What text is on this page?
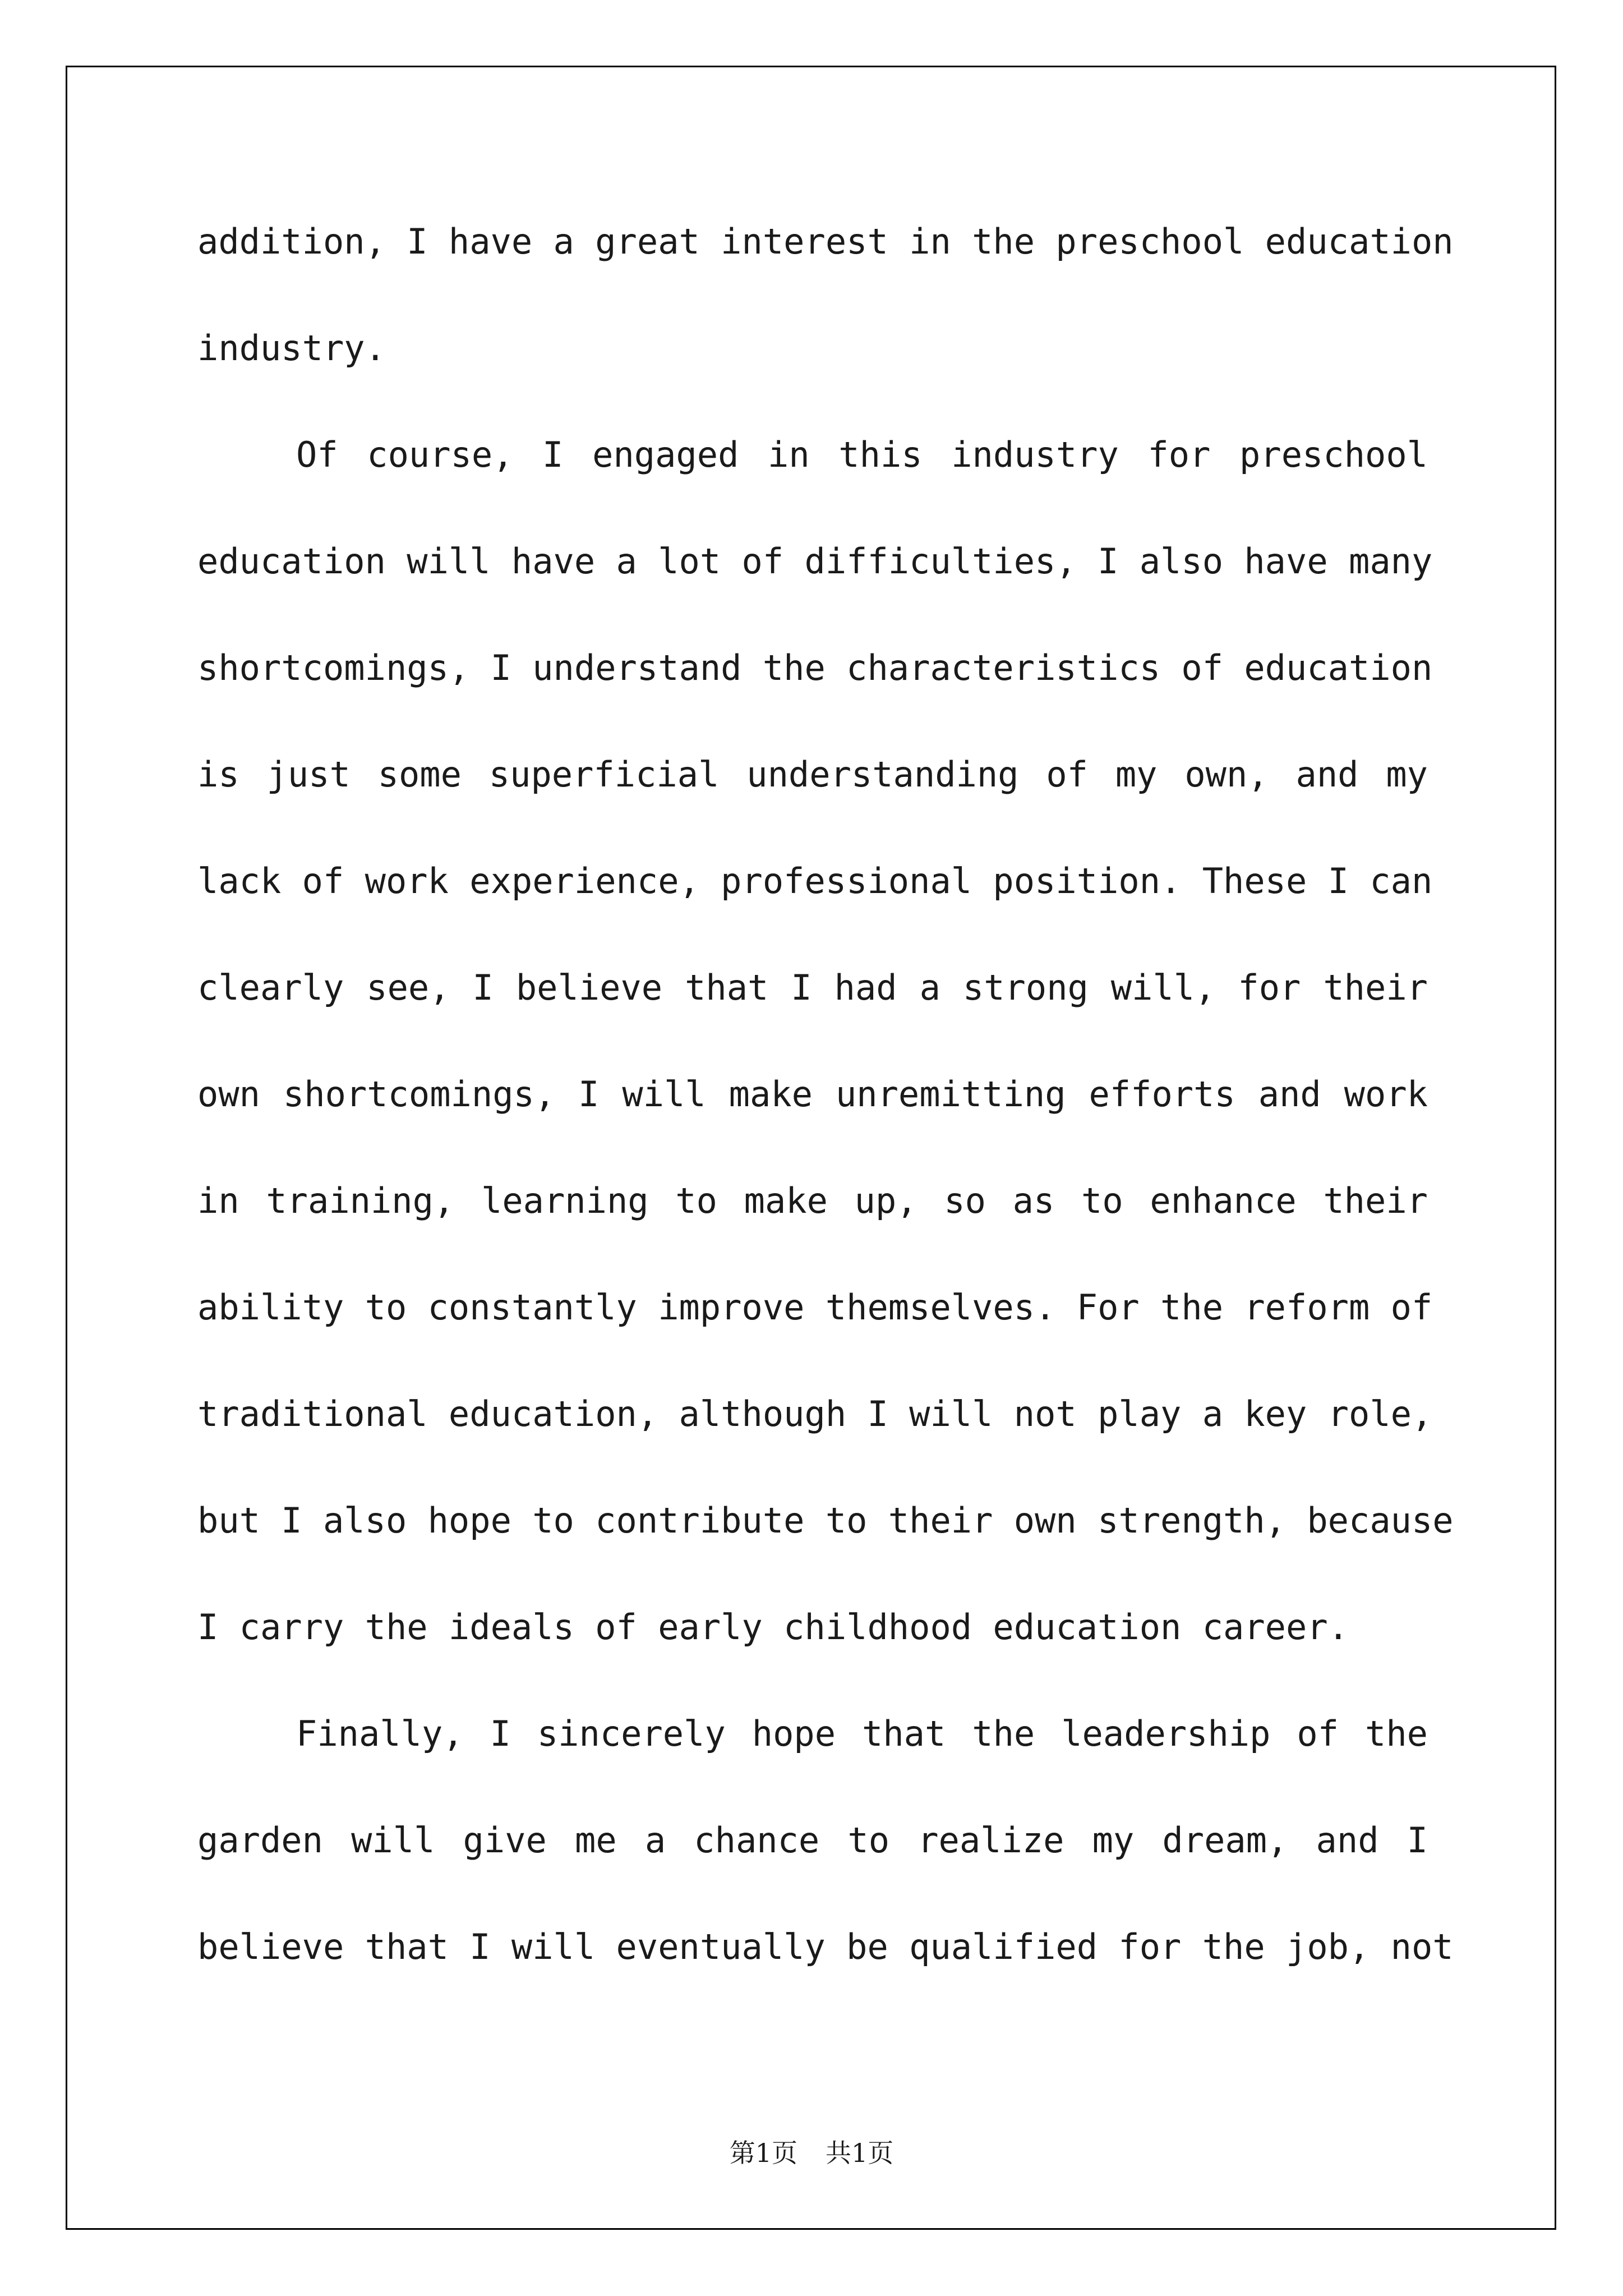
addition, I have a great interest in the preschool education
industry.
Of course, I engaged in this industry for preschool
education will have a lot of difficulties, I also have many
shortcomings, I understand the characteristics of education
is just some superficial understanding of my own, and my
lack of work experience, professional position. These I can
clearly see, I believe that I had a strong will, for their
own shortcomings, I will make unremitting efforts and work
in training, learning to make up, so as to enhance their
ability to constantly improve themselves. For the reform of
traditional education, although I will not play a key role,
but I also hope to contribute to their own strength, because
I carry the ideals of early childhood education career.
Finally, I sincerely hope that the leadership of the
garden will give me a chance to realize my dream, and I
believe that I will eventually be qualified for the job, not
第1页 共1页
